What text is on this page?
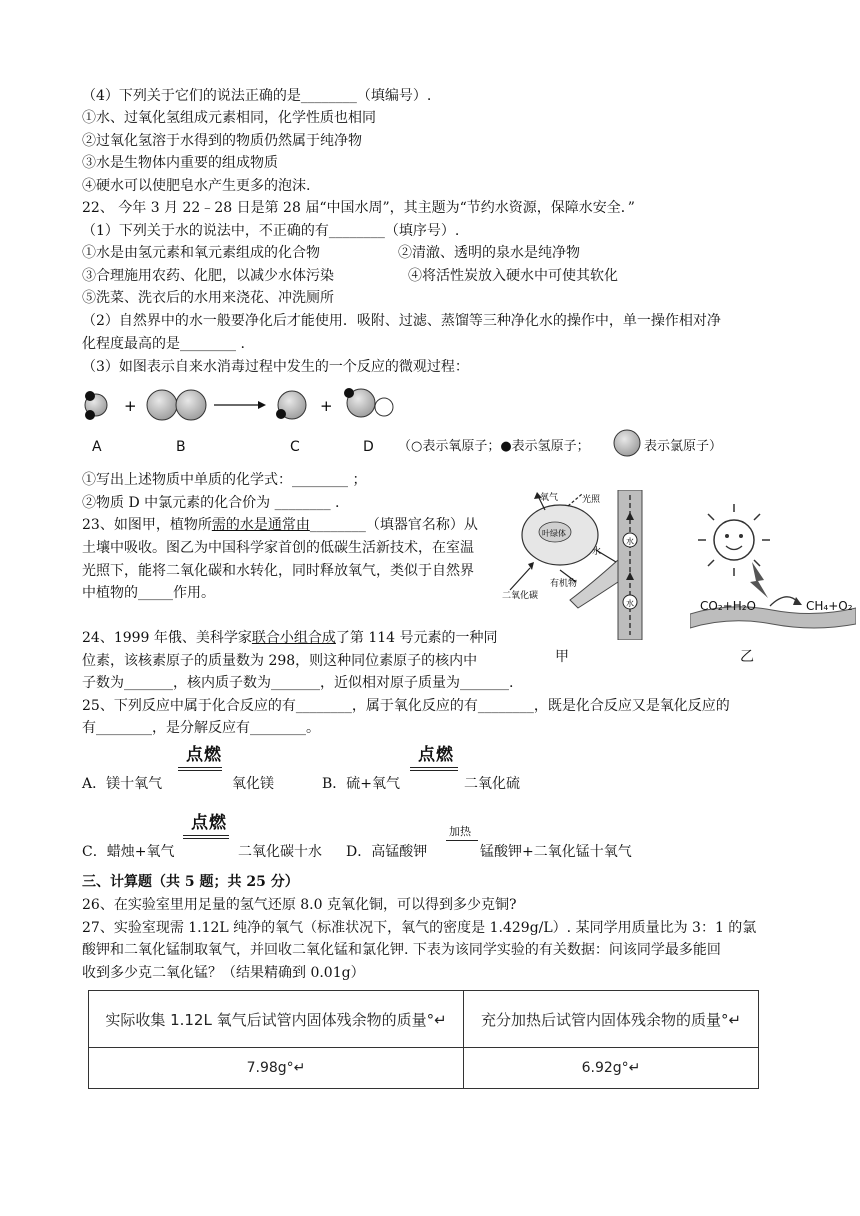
（4）下列关于它们的说法正确的是________（填编号）.
①水、过氧化氢组成元素相同，化学性质也相同
②过氧化氢溶于水得到的物质仍然属于纯净物
③水是生物体内重要的组成物质
④硬水可以使肥皂水产生更多的泡沫.
22、 今年 3 月 22﹣28 日是第 28 届“中国水周”，其主题为“节约水资源，保障水安全．”
（1）下列关于水的说法中，不正确的有________（填序号）.
①水是由氢元素和氧元素组成的化合物	②清澈、透明的泉水是纯净物
③合理施用农药、化肥，以减少水体污染	④将活性炭放入硬水中可使其软化
⑤洗菜、洗衣后的水用来浇花、冲洗厕所
（2）自然界中的水一般要净化后才能使用．吸附、过滤、蒸馏等三种净化水的操作中，单一操作相对净
化程度最高的是________ .
（3）如图表示自来水消毒过程中发生的一个反应的微观过程：
+	+
A	B	C	D （○表示氧原子；●表示氢原子；	表示氯原子）
①写出上述物质中单质的化学式：________ ；
②物质 D 中氯元素的化合价为 ________ .
23、如图甲，植物所需的水是通常由________（填器官名称）从
土壤中吸收。图乙为中国科学家首创的低碳生活新技术，在室温
光照下，能将二氧化碳和水转化，同时释放氧气，类似于自然界
中植物的_____作用。
水
水
叶绿体
氧气	光照
水
有机物
二氧化碳
甲
CO₂+H₂O	CH₄+O₂
乙
24、1999 年俄、美科学家联合小组合成了第 114 号元素的一种同
位素，该核素原子的质量数为 298，则这种同位素原子的核内中
子数为_______，核内质子数为_______，近似相对原子质量为_______.
25、下列反应中属于化合反应的有________，属于氧化反应的有________，既是化合反应又是氧化反应的
有________，是分解反应有________。
点燃	点燃
A．镁十氧气	氧化镁	B．硫+氧气	二氧化硫
点燃	加热
C．蜡烛+氧气	二氧化碳十水 D．高锰酸钾	锰酸钾+二氧化锰十氧气
三、计算题（共 5 题；共 25 分）
26、在实验室里用足量的氢气还原 8.0 克氧化铜，可以得到多少克铜?
27、实验室现需 1.12L 纯净的氧气（标准状况下，氧气的密度是 1.429g/L）. 某同学用质量比为 3：1 的氯
酸钾和二氧化锰制取氧气，并回收二氧化锰和氯化钾. 下表为该同学实验的有关数据：问该同学最多能回
收到多少克二氧化锰？（结果精确到 0.01g）
实际收集 1.12L 氧气后试管内固体残余物的质量°↵	充分加热后试管内固体残余物的质量°↵
7.98g°↵	6.92g°↵
